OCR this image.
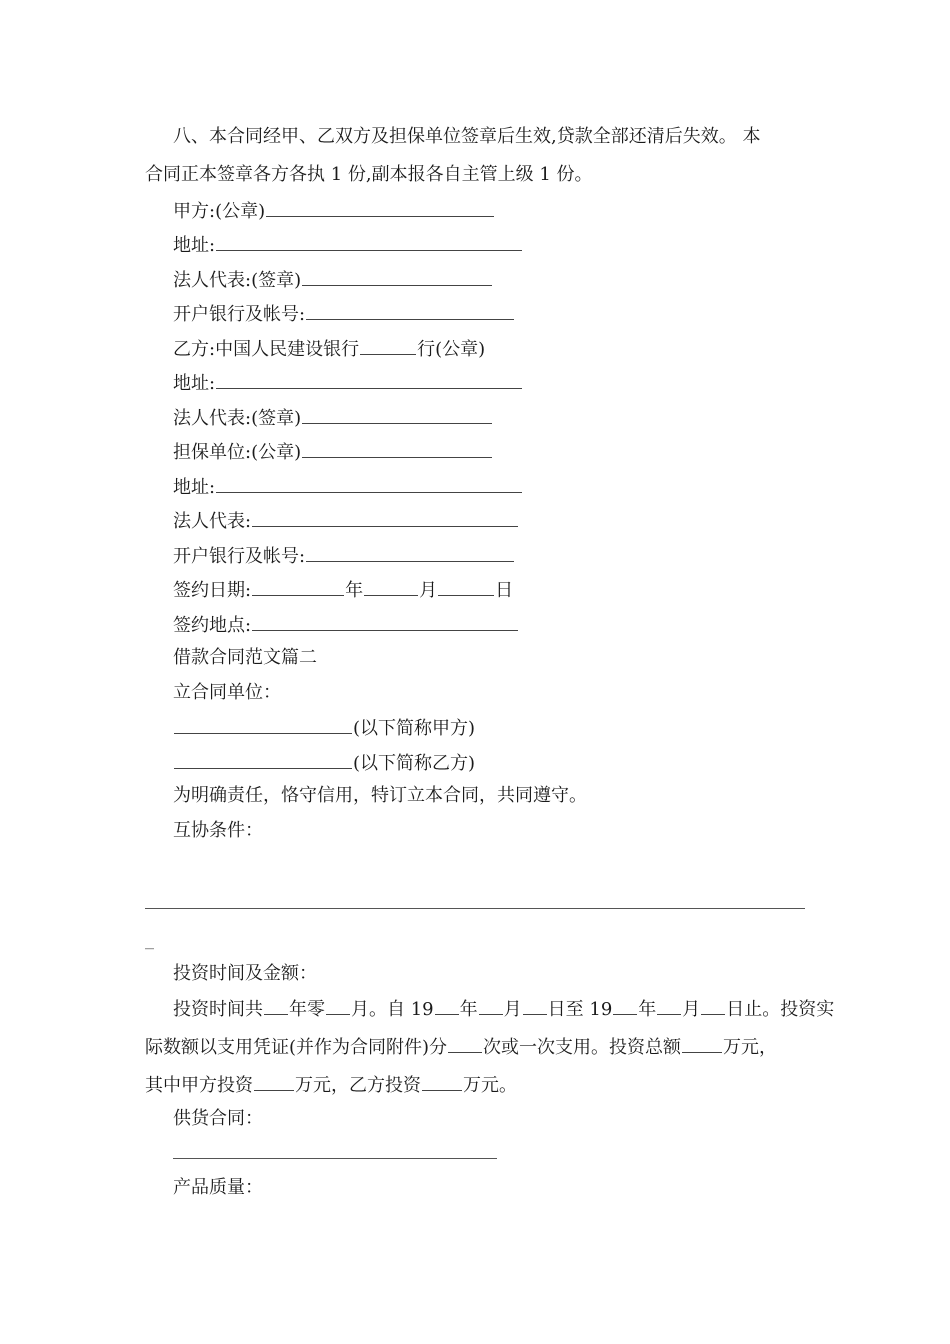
八、本合同经甲、乙双方及担保单位签章后生效,贷款全部还清后失效。 本
合同正本签章各方各执 1 份,副本报各自主管上级 1 份。
甲方:(公章)
地址:
法人代表:(签章)
开户银行及帐号:
乙方:中国人民建设银行	行(公章)
地址:
法人代表:(签章)
担保单位:(公章)
地址:
法人代表:
开户银行及帐号:
签约日期:	年	月	日
签约地点:
借款合同范文篇二
立合同单位：
(以下简称甲方)
(以下简称乙方)
为明确责任，恪守信用，特订立本合同，共同遵守。
互协条件：
_
投资时间及金额：
投资时间共 年零 月。自 19 年 月 日至 19 年 月 日止。投资实
际数额以支用凭证(并作为合同附件)分 次或一次支用。投资总额 万元，
其中甲方投资 万元，乙方投资 万元。
供货合同：
产品质量：
